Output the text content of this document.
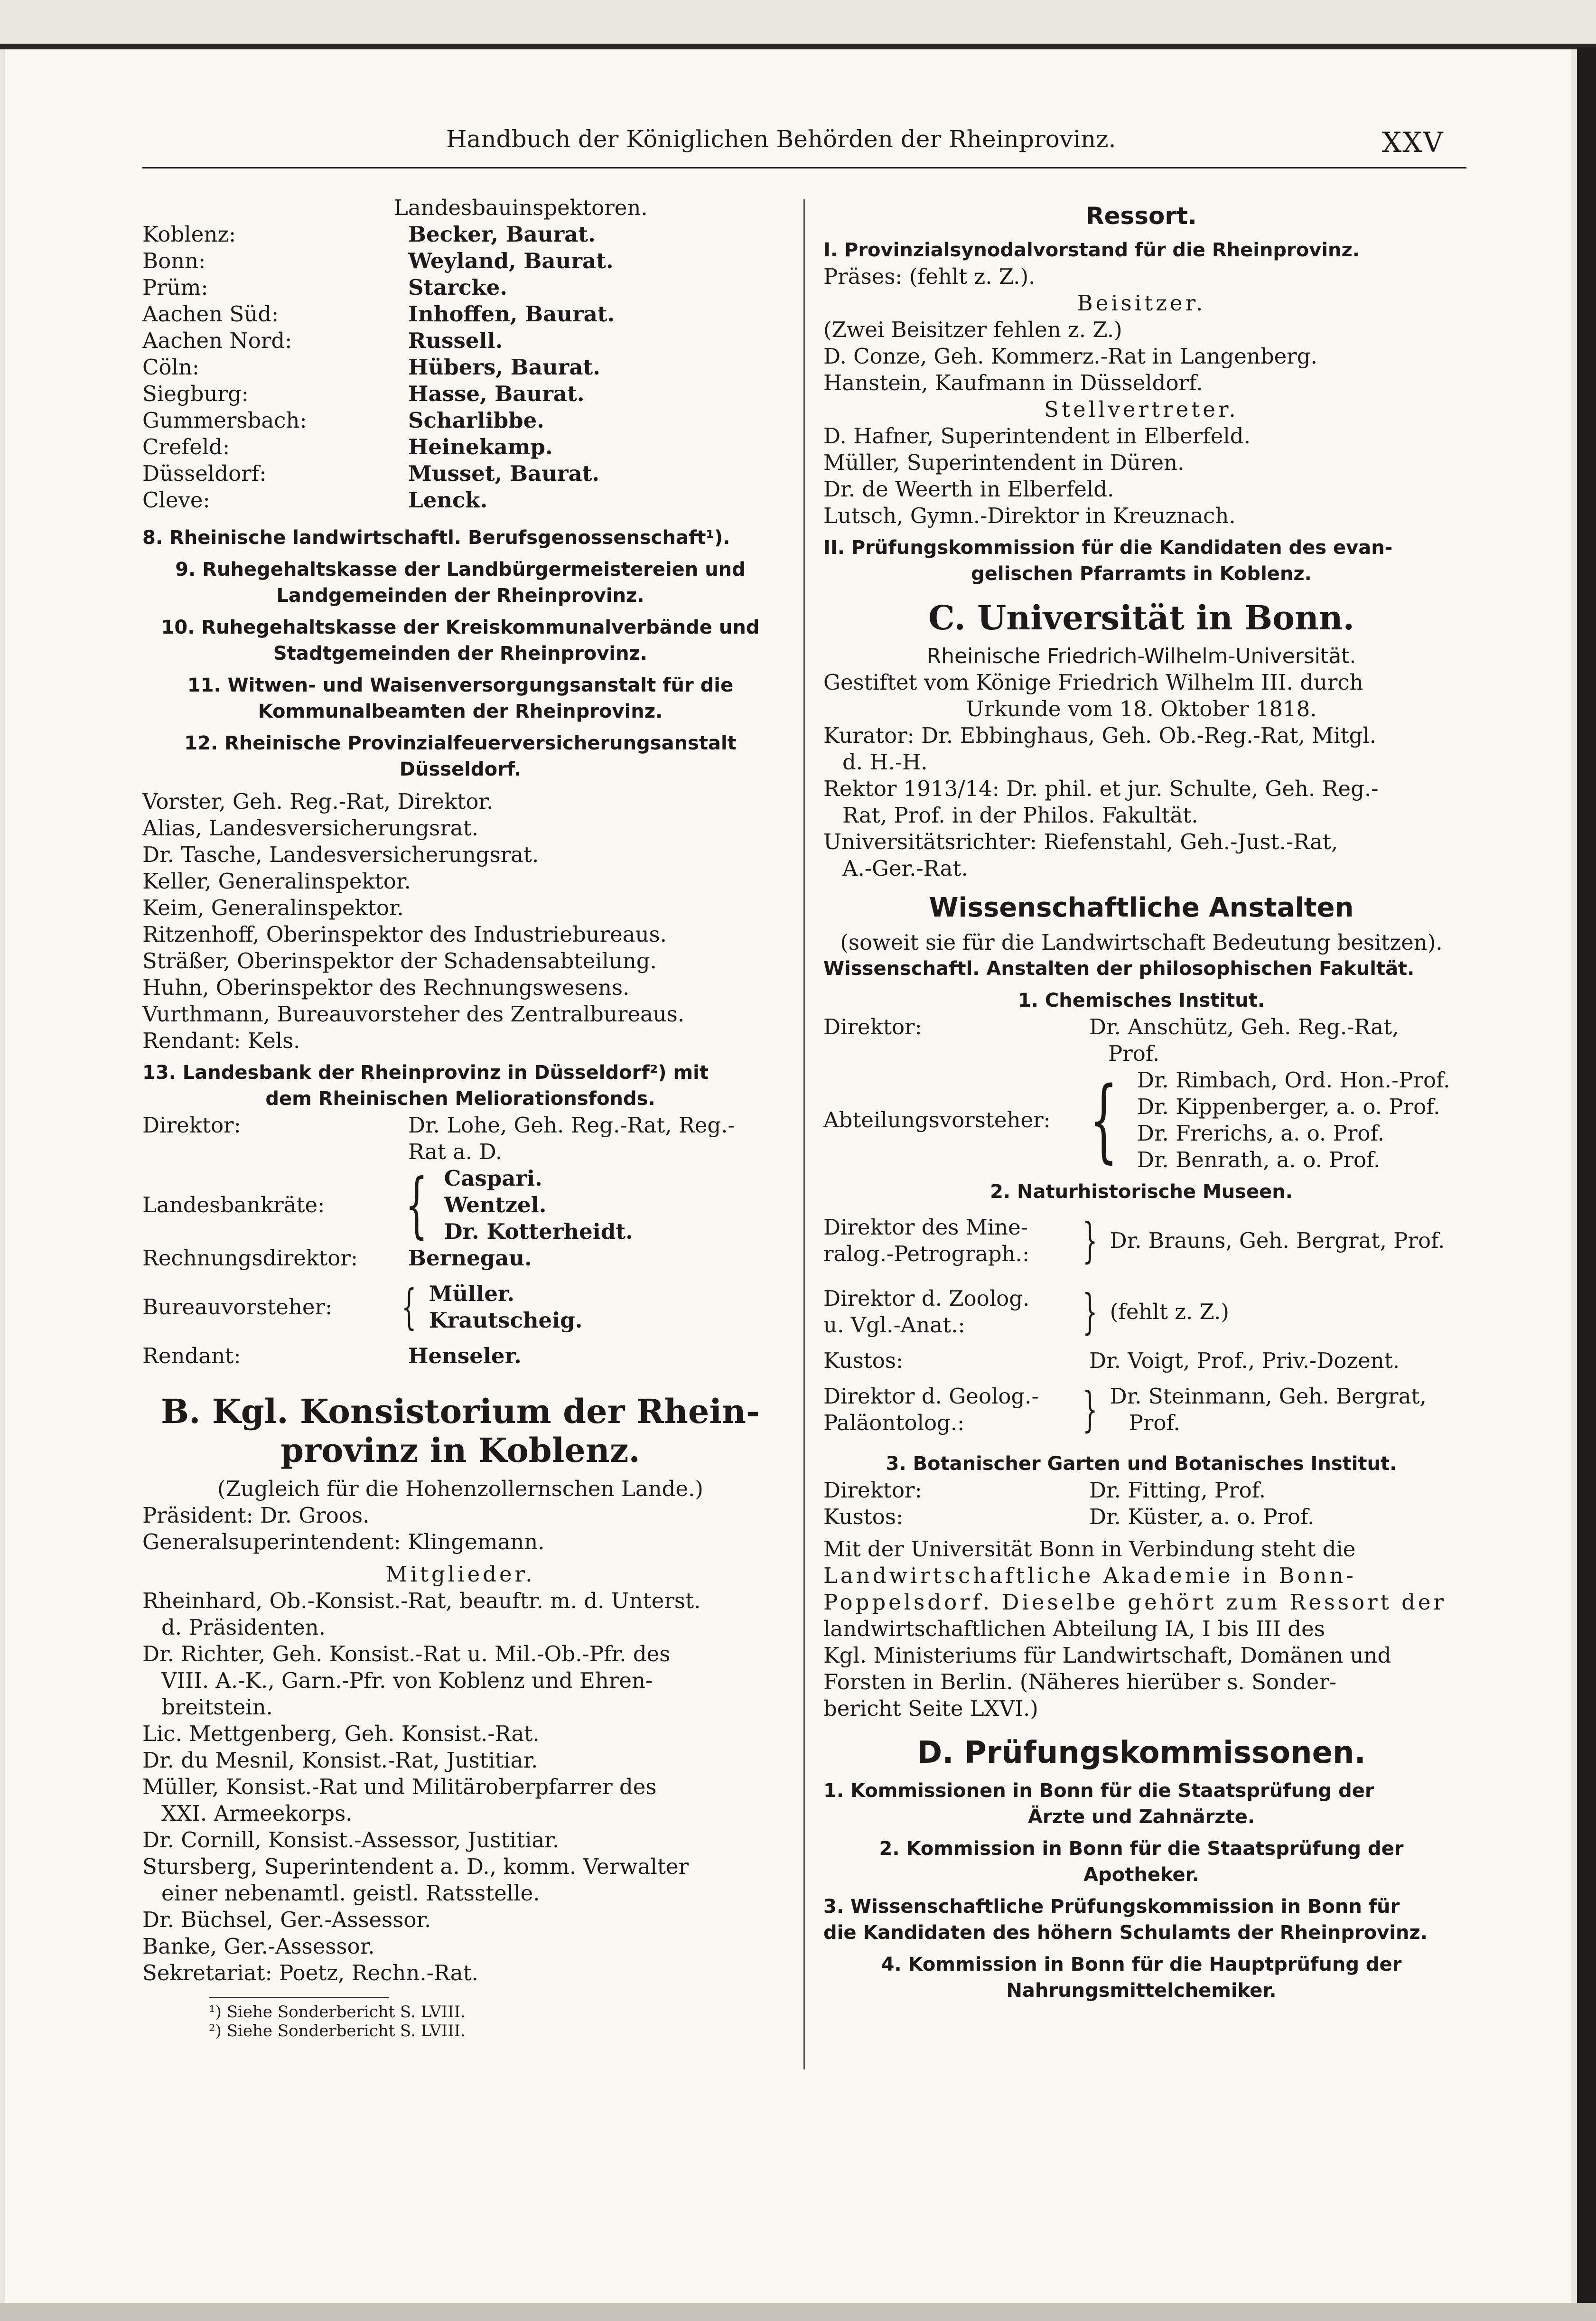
Handbuch der Königlichen Behörden der Rheinprovinz.	XXV

Landesbauinspektoren.

Koblenz:	Becker, Baurat.
Bonn:	Weyland, Baurat.
Prüm:	Starcke.
Aachen Süd:	Inhoffen, Baurat.
Aachen Nord:	Russell.
Cöln:	Hübers, Baurat.
Siegburg:	Hasse, Baurat.
Gummersbach:	Scharlibbe.
Crefeld:	Heinekamp.
Düsseldorf:	Musset, Baurat.
Cleve:	Lenck.

8. Rheinische landwirtschaftl. Berufsgenossenschaft¹).

9. Ruhegehaltskasse der Landbürgermeistereien und

Landgemeinden der Rheinprovinz.

10. Ruhegehaltskasse der Kreiskommunalverbände und

Stadtgemeinden der Rheinprovinz.

11. Witwen- und Waisenversorgungsanstalt für die

Kommunalbeamten der Rheinprovinz.

12. Rheinische Provinzialfeuerversicherungsanstalt

Düsseldorf.

Vorster, Geh. Reg.-Rat, Direktor.

Alias, Landesversicherungsrat.

Dr. Tasche, Landesversicherungsrat.

Keller, Generalinspektor.

Keim, Generalinspektor.

Ritzenhoff, Oberinspektor des Industriebureaus.

Sträßer, Oberinspektor der Schadensabteilung.

Huhn, Oberinspektor des Rechnungswesens.

Vurthmann, Bureauvorsteher des Zentralbureaus.

Rendant: Kels.

13. Landesbank der Rheinprovinz in Düsseldorf²) mit

dem Rheinischen Meliorationsfonds.

Direktor:	Dr. Lohe, Geh. Reg.-Rat, Reg.-
Rat a. D.
Landesbankräte:	{ Caspari.

Wentzel.

Dr. Kotterheidt.

Rechnungsdirektor:	Bernegau.
Bureauvorsteher:	{ Müller.

Krautscheig.

Rendant:	Henseler.

B. Kgl. Konsistorium der Rhein-

provinz in Koblenz.

(Zugleich für die Hohenzollernschen Lande.)

Präsident: Dr. Groos.

Generalsuperintendent: Klingemann.

Mitglieder.

Rheinhard, Ob.-Konsist.-Rat, beauftr. m. d. Unterst.

d. Präsidenten.

Dr. Richter, Geh. Konsist.-Rat u. Mil.-Ob.-Pfr. des

VIII. A.-K., Garn.-Pfr. von Koblenz und Ehren-

breitstein.

Lic. Mettgenberg, Geh. Konsist.-Rat.

Dr. du Mesnil, Konsist.-Rat, Justitiar.

Müller, Konsist.-Rat und Militäroberpfarrer des

XXI. Armeekorps.

Dr. Cornill, Konsist.-Assessor, Justitiar.

Stursberg, Superintendent a. D., komm. Verwalter

einer nebenamtl. geistl. Ratsstelle.

Dr. Büchsel, Ger.-Assessor.

Banke, Ger.-Assessor.

Sekretariat: Poetz, Rechn.-Rat.

¹) Siehe Sonderbericht S. LVIII.

²) Siehe Sonderbericht S. LVIII.

Ressort.

I. Provinzialsynodalvorstand für die Rheinprovinz.

Präses: (fehlt z. Z.).

Beisitzer.

(Zwei Beisitzer fehlen z. Z.)

D. Conze, Geh. Kommerz.-Rat in Langenberg.

Hanstein, Kaufmann in Düsseldorf.

Stellvertreter.

D. Hafner, Superintendent in Elberfeld.

Müller, Superintendent in Düren.

Dr. de Weerth in Elberfeld.

Lutsch, Gymn.-Direktor in Kreuznach.

II. Prüfungskommission für die Kandidaten des evan-

gelischen Pfarramts in Koblenz.

C. Universität in Bonn.

Rheinische Friedrich-Wilhelm-Universität.

Gestiftet vom Könige Friedrich Wilhelm III. durch

Urkunde vom 18. Oktober 1818.

Kurator: Dr. Ebbinghaus, Geh. Ob.-Reg.-Rat, Mitgl.

d. H.-H.

Rektor 1913/14: Dr. phil. et jur. Schulte, Geh. Reg.-

Rat, Prof. in der Philos. Fakultät.

Universitätsrichter: Riefenstahl, Geh.-Just.-Rat,

A.-Ger.-Rat.

Wissenschaftliche Anstalten

(soweit sie für die Landwirtschaft Bedeutung besitzen).

Wissenschaftl. Anstalten der philosophischen Fakultät.

1. Chemisches Institut.

Direktor:	Dr. Anschütz, Geh. Reg.-Rat,
Prof.
Abteilungsvorsteher: { Dr. Rimbach, Ord. Hon.-Prof.

Dr. Kippenberger, a. o. Prof.

Dr. Frerichs, a. o. Prof.

Dr. Benrath, a. o. Prof.

2. Naturhistorische Museen.

Direktor des Mine-

ralog.-Petrograph.:	} Dr. Brauns, Geh. Bergrat, Prof.

Direktor d. Zoolog.

u. Vgl.-Anat.:	} (fehlt z. Z.)
Kustos:	Dr. Voigt, Prof., Priv.-Dozent.

Direktor d. Geolog.-

Paläontolog.:	} Dr. Steinmann, Geh. Bergrat,

Prof.

3. Botanischer Garten und Botanisches Institut.

Direktor:	Dr. Fitting, Prof.
Kustos:	Dr. Küster, a. o. Prof.

Mit der Universität Bonn in Verbindung steht die

Landwirtschaftliche Akademie in Bonn-

Poppelsdorf. Dieselbe gehört zum Ressort der

landwirtschaftlichen Abteilung IA, I bis III des

Kgl. Ministeriums für Landwirtschaft, Domänen und

Forsten in Berlin. (Näheres hierüber s. Sonder-

bericht Seite LXVI.)

D. Prüfungskommissonen.

1. Kommissionen in Bonn für die Staatsprüfung der

Ärzte und Zahnärzte.

2. Kommission in Bonn für die Staatsprüfung der

Apotheker.

3. Wissenschaftliche Prüfungskommission in Bonn für

die Kandidaten des höhern Schulamts der Rheinprovinz.

4. Kommission in Bonn für die Hauptprüfung der

Nahrungsmittelchemiker.
